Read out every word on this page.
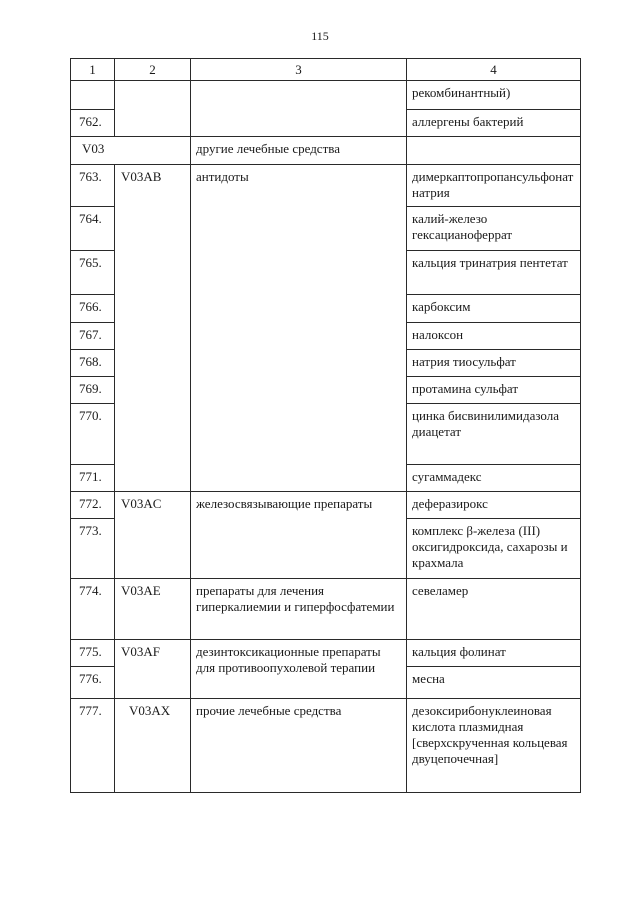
115
1	2	3	4
			рекомбинантный)
762.			аллергены бактерий
V03		другие лечебные средства	
763.	V03AB	антидоты	димеркаптопропансульфонат натрия
764.			калий-железо гексацианоферрат
765.			кальция тринатрия пентетат
766.			карбоксим
767.			налоксон
768.			натрия тиосульфат
769.			протамина сульфат
770.			цинка бисвинилимидазола диацетат
771.			сугаммадекс
772.	V03AC	железосвязывающие препараты	деферазирокс
773.			комплекс β-железа (III) оксигидроксида, сахарозы и крахмала
774.	V03AE	препараты для лечения гиперкалиемии и гиперфосфатемии	севеламер
775.	V03AF	дезинтоксикационные препараты для противоопухолевой терапии	кальция фолинат
776.			месна
777.	V03AX	прочие лечебные средства	дезоксирибонуклеиновая кислота плазмидная [сверхскрученная кольцевая двуцепочечная]
